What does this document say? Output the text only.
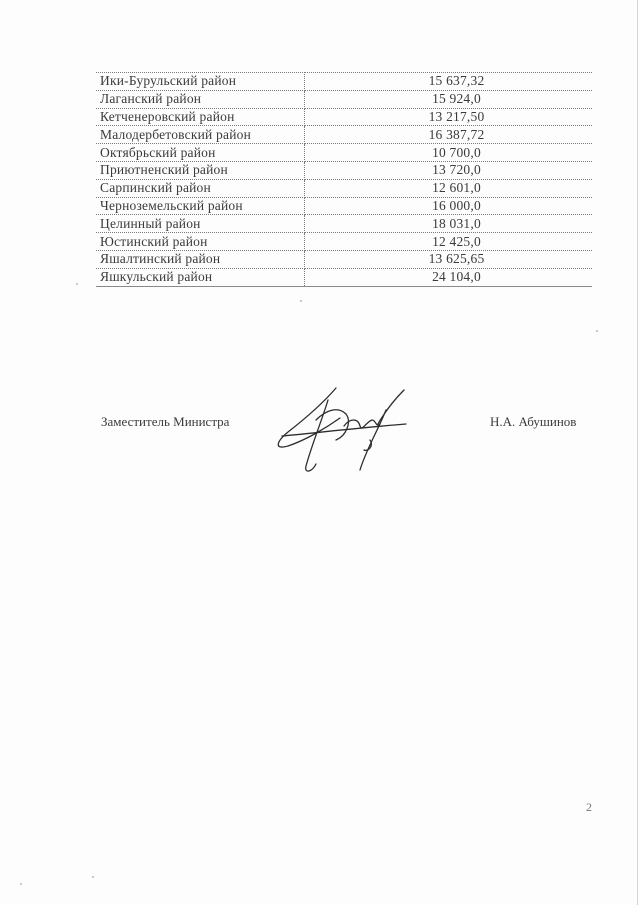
Ики-Бурульский район	15 637,32
Лаганский район	15 924,0
Кетченеровский район	13 217,50
Малодербетовский район	16 387,72
Октябрьский район	10 700,0
Приютненский район	13 720,0
Сарпинский район	12 601,0
Черноземельский район	16 000,0
Целинный район	18 031,0
Юстинский район	12 425,0
Яшалтинский район	13 625,65
Яшкульский район	24 104,0
Заместитель Министра	Н.А. Абушинов
2
